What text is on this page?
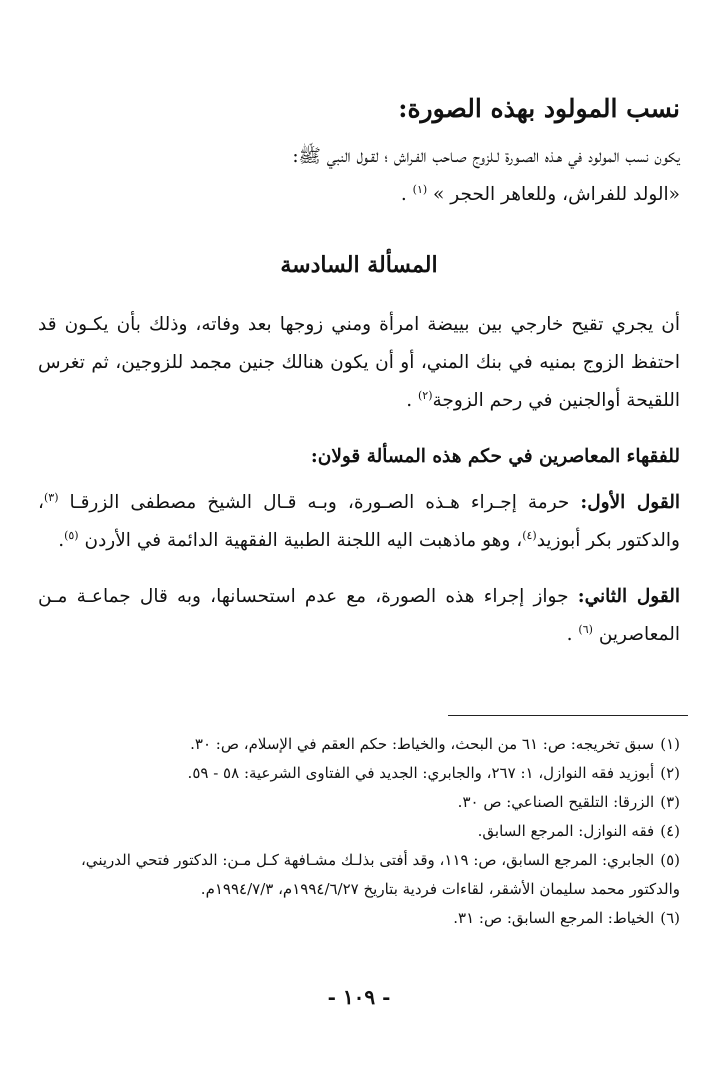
نسب المولود بهذه الصورة:

يكون نسب المولود في هـذه الصـورة لـلزوج صـاحب الفـراش ؛ لقـول النبي ﷺ:

«الولد للفراش، وللعاهر الحجر » $^{(١)}$ .

المسألة السادسة

أن يجري تقيح خارجي بين بييضة امرأة ومني زوجها بعد وفاته، وذلك بأن يكـون قد احتفظ الزوج بمنيه في بنك المني، أو أن يكون هنالك جنين مجمد للزوجين، ثم تغرس اللقيحة أوالجنين في رحم الزوجة$^{(٢)}$ .

للفقهاء المعاصرين في حكم هذه المسألة قولان:

القول الأول: حرمة إجـراء هـذه الصـورة، وبـه قـال الشيخ مصطفى الزرقـا $^{(٣)}$، والدكتور بكر أبوزيد$^{(٤)}$، وهو ماذهبت اليه اللجنة الطبية الفقهية الدائمة في الأردن $^{(٥)}$.

القول الثاني: جواز إجراء هذه الصورة، مع عدم استحسانها، وبه قال جماعـة مـن المعاصرين $^{(٦)}$ .

(١)سبق تخريجه: ص: ٦١ من البحث، والخياط: حكم العقم في الإسلام، ص: ٣٠.

(٢)أبوزيد فقه النوازل، ١: ٢٦٧، والجابري: الجديد في الفتاوى الشرعية: ٥٨ - ٥٩.

(٣)الزرقا: التلقيح الصناعي: ص ٣٠.

(٤)فقه النوازل: المرجع السابق.

(٥)الجابري: المرجع السابق، ص: ١١٩، وقد أفتى بذلـك مشـافهة كـل مـن: الدكتور فتحي الدريني، والدكتور محمد سليمان الأشقر، لقاءات فردية بتاريخ ١٩٩٤/٦/٢٧م، ١٩٩٤/٧/٣م.

(٦)الخياط: المرجع السابق: ص: ٣١.

- ١٠٩ -
